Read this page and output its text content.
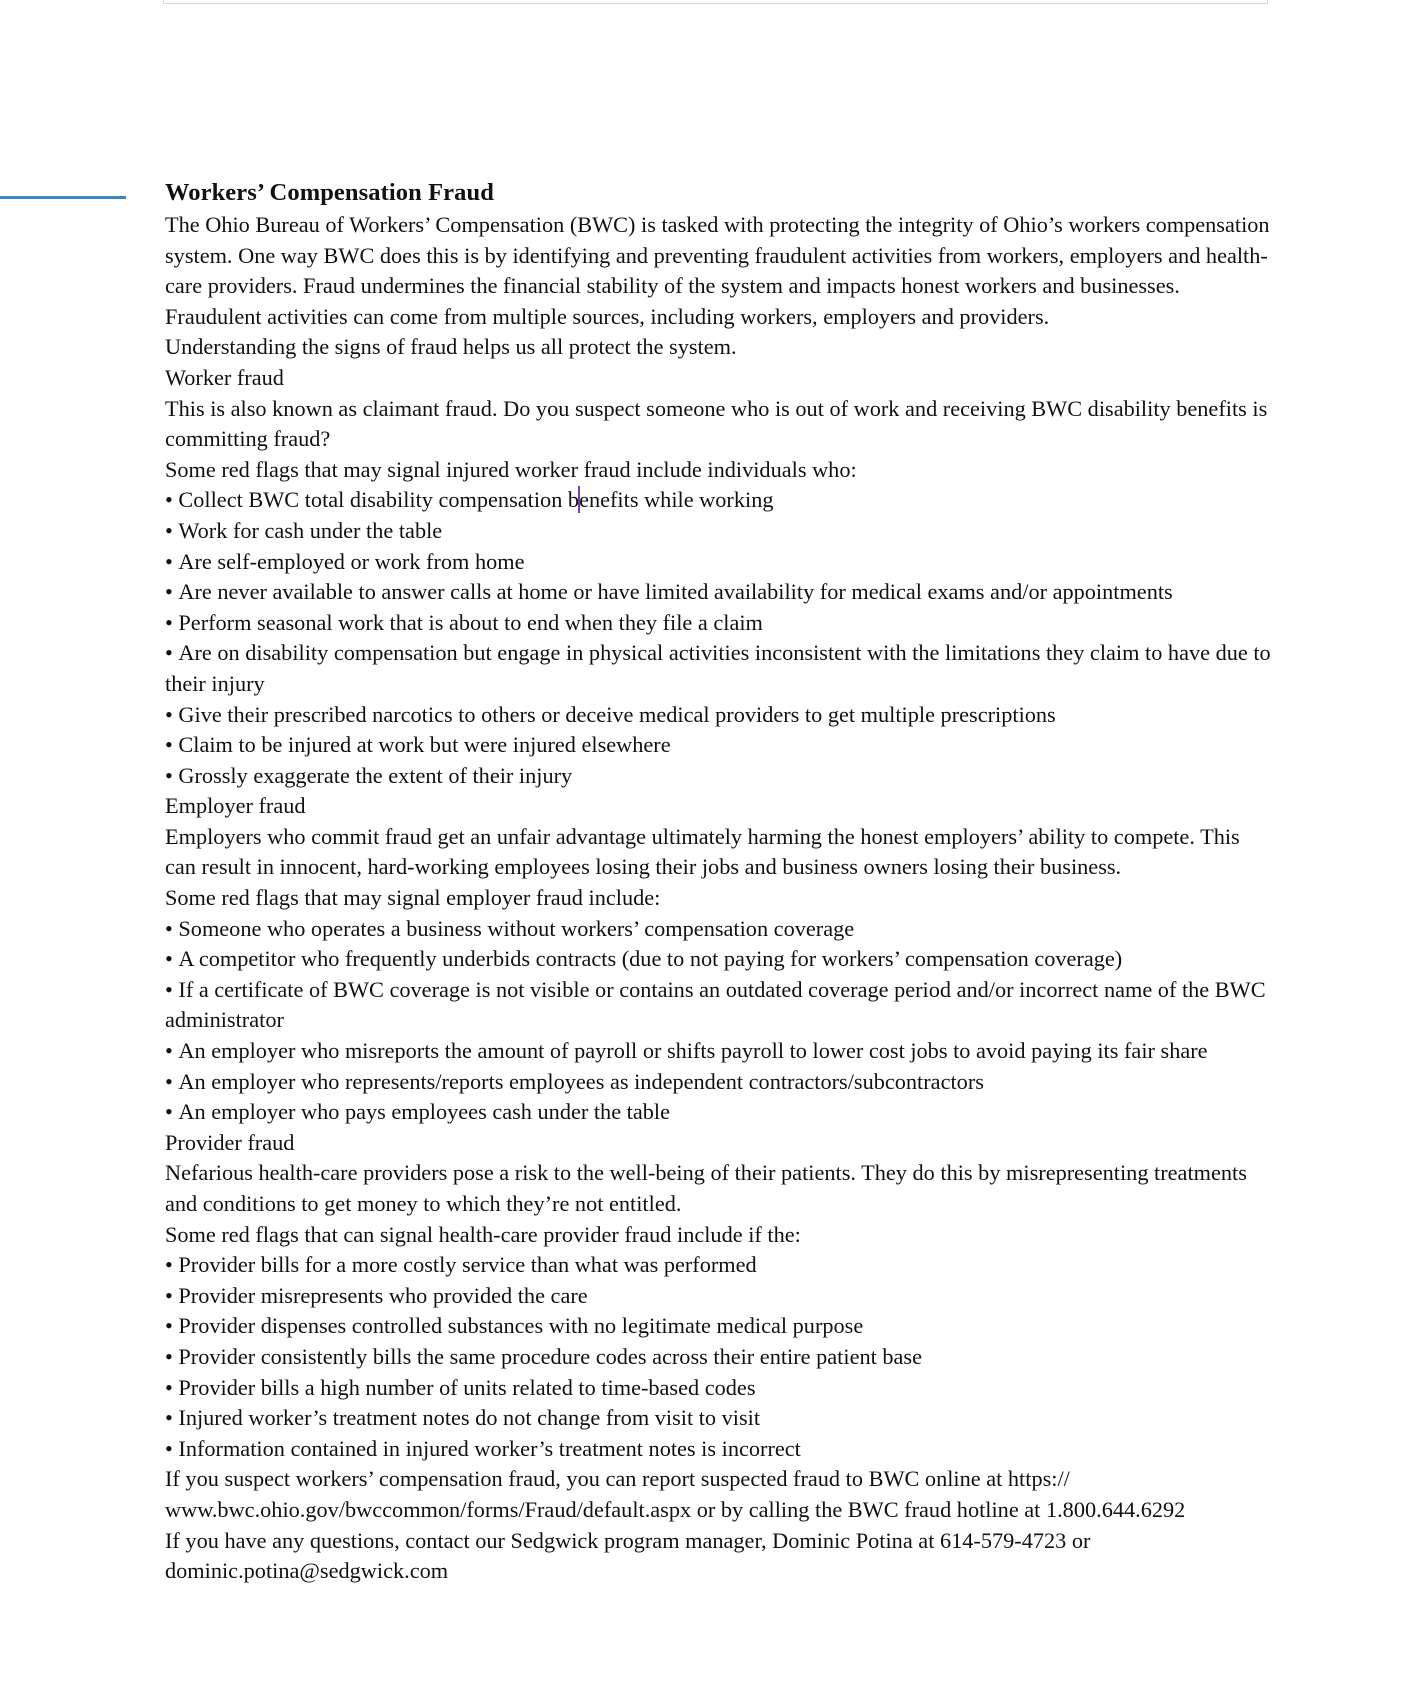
Workers’ Compensation Fraud

The Ohio Bureau of Workers’ Compensation (BWC) is tasked with protecting the integrity of Ohio’s workers compensation system. One way BWC does this is by identifying and preventing fraudulent activities from workers, employers and health-care providers. Fraud undermines the financial stability of the system and impacts honest workers and businesses.

Fraudulent activities can come from multiple sources, including workers, employers and providers.

Understanding the signs of fraud helps us all protect the system.

Worker fraud

This is also known as claimant fraud. Do you suspect someone who is out of work and receiving BWC disability benefits is committing fraud?

Some red flags that may signal injured worker fraud include individuals who:

• Collect BWC total disability compensation benefits while working

• Work for cash under the table

• Are self-employed or work from home

• Are never available to answer calls at home or have limited availability for medical exams and/or appointments

• Perform seasonal work that is about to end when they file a claim

• Are on disability compensation but engage in physical activities inconsistent with the limitations they claim to have due to their injury

• Give their prescribed narcotics to others or deceive medical providers to get multiple prescriptions

• Claim to be injured at work but were injured elsewhere

• Grossly exaggerate the extent of their injury

Employer fraud

Employers who commit fraud get an unfair advantage ultimately harming the honest employers’ ability to compete. This can result in innocent, hard-working employees losing their jobs and business owners losing their business.

Some red flags that may signal employer fraud include:

• Someone who operates a business without workers’ compensation coverage

• A competitor who frequently underbids contracts (due to not paying for workers’ compensation coverage)

• If a certificate of BWC coverage is not visible or contains an outdated coverage period and/or incorrect name of the BWC administrator

• An employer who misreports the amount of payroll or shifts payroll to lower cost jobs to avoid paying its fair share

• An employer who represents/reports employees as independent contractors/subcontractors

• An employer who pays employees cash under the table

Provider fraud

Nefarious health-care providers pose a risk to the well-being of their patients. They do this by misrepresenting treatments and conditions to get money to which they’re not entitled.

Some red flags that can signal health-care provider fraud include if the:

• Provider bills for a more costly service than what was performed

• Provider misrepresents who provided the care

• Provider dispenses controlled substances with no legitimate medical purpose

• Provider consistently bills the same procedure codes across their entire patient base

• Provider bills a high number of units related to time-based codes

• Injured worker’s treatment notes do not change from visit to visit

• Information contained in injured worker’s treatment notes is incorrect

If you suspect workers’ compensation fraud, you can report suspected fraud to BWC online at https://

www.bwc.ohio.gov/bwccommon/forms/Fraud/default.aspx or by calling the BWC fraud hotline at 1.800.644.6292

If you have any questions, contact our Sedgwick program manager, Dominic Potina at 614-579-4723 or

dominic.potina@sedgwick.com
